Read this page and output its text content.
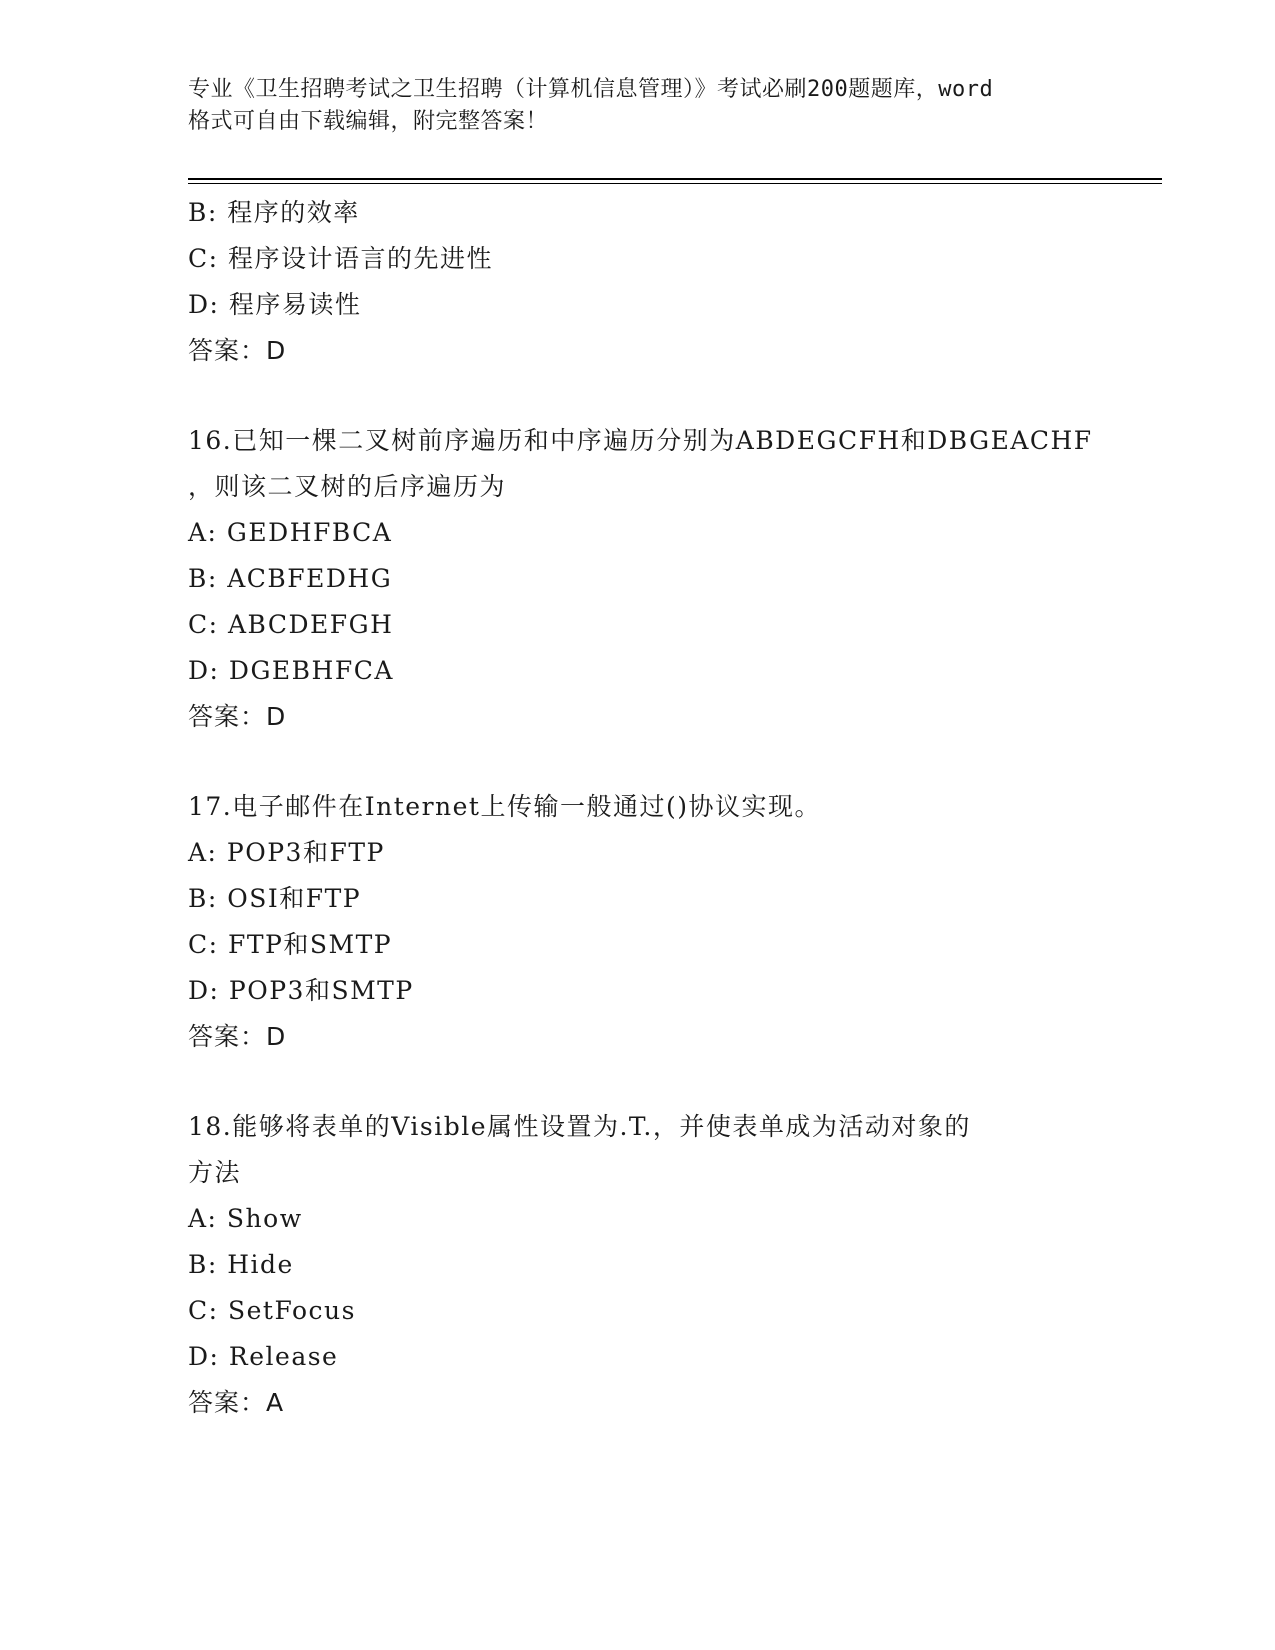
专业《卫生招聘考试之卫生招聘（计算机信息管理）》考试必刷200题题库，word
格式可自由下载编辑，附完整答案！
B: 程序的效率
C: 程序设计语言的先进性
D: 程序易读性
答案：D
16.已知一棵二叉树前序遍历和中序遍历分别为ABDEGCFH和DBGEACHF
，则该二叉树的后序遍历为
A: GEDHFBCA
B: ACBFEDHG
C: ABCDEFGH
D: DGEBHFCA
答案：D
17.电子邮件在Internet上传输一般通过()协议实现。
A: POP3和FTP
B: OSI和FTP
C: FTP和SMTP
D: POP3和SMTP
答案：D
18.能够将表单的Visible属性设置为.T.，并使表单成为活动对象的
方法
A: Show
B: Hide
C: SetFocus
D: Release
答案：A
